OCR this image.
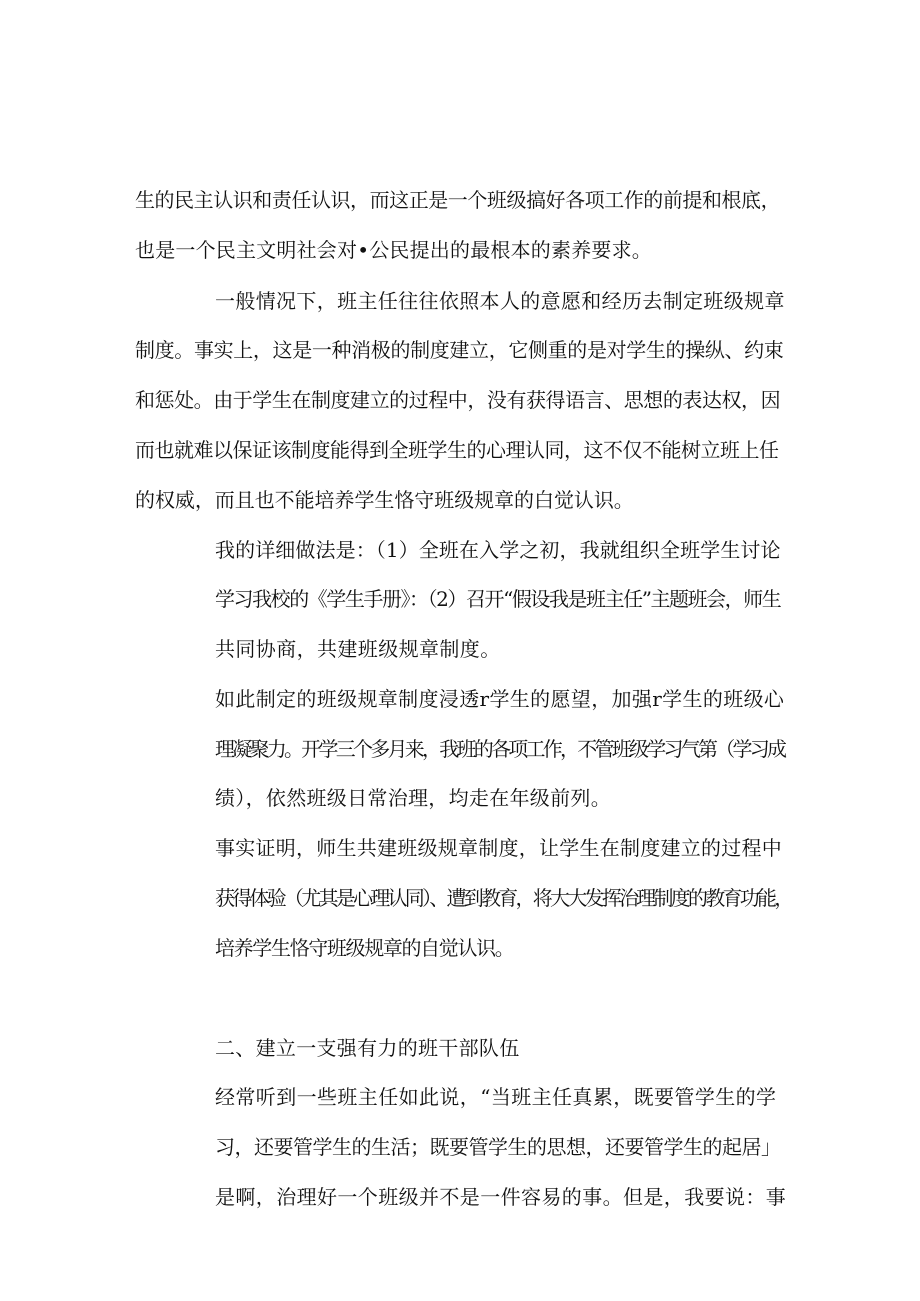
生的民主认识和责任认识，而这正是一个班级搞好各项工作的前提和根底，
也是一个民主文明社会对•公民提出的最根本的素养要求。
一般情况下，班主任往往依照本人的意愿和经历去制定班级规章
制度。事实上，这是一种消极的制度建立，它侧重的是对学生的操纵、约束
和惩处。由于学生在制度建立的过程中，没有获得语言、思想的表达权，因
而也就难以保证该制度能得到全班学生的心理认同，这不仅不能树立班上任
的权威，而且也不能培养学生恪守班级规章的白觉认识。
我的详细做法是：（1）全班在入学之初，我就组织全班学生讨论
学习我校的《学生手册》：（2）召开“假设我是班主任”主题班会，师生
共同协商，共建班级规章制度。
如此制定的班级规章制度浸透r学生的愿望，加强r学生的班级心
理凝聚力。开学三个多月来，我班的各项工作，不管班级学习气第（学习成
绩），依然班级日常治理，均走在年级前列。
事实证明，师生共建班级规章制度，让学生在制度建立的过程中
获得体验（尤其是心理认同）、遭到教育，将大大发挥治理制度的教育功能，
培养学生恪守班级规章的自觉认识。
二、建立一支强有力的班干部队伍
经常听到一些班主任如此说，“当班主任真累，既要管学生的学
习，还要管学生的生活；既要管学生的思想，还要管学生的起居」
是啊，治理好一个班级并不是一件容易的事。但是，我要说：事
